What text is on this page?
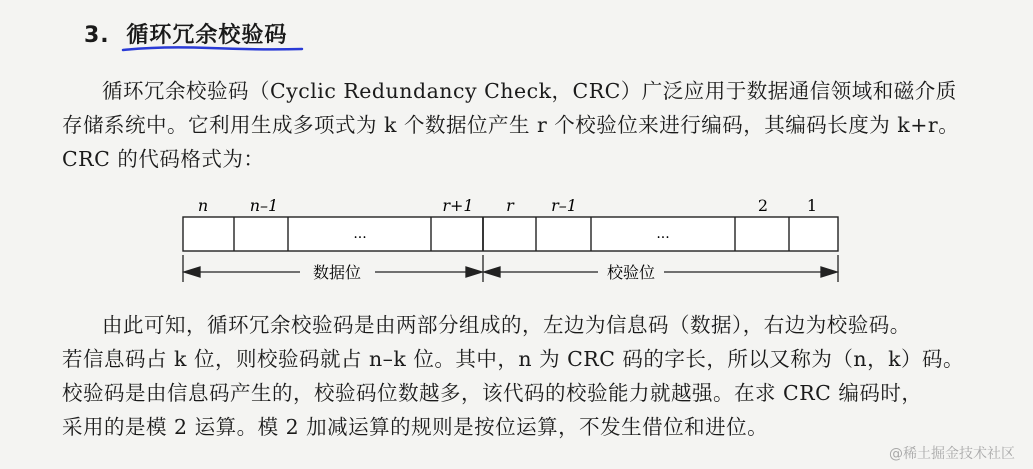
3. 循环冗余校验码

循环冗余校验码（Cyclic Redundancy Check，CRC）广泛应用于数据通信领域和磁介质
存储系统中。它利用生成多项式为 k 个数据位产生 r 个校验位来进行编码，其编码长度为 k+r。
CRC 的代码格式为：

n	n–1	r+1 r r–1	2 1
...	...
数据位	校验位

由此可知，循环冗余校验码是由两部分组成的，左边为信息码（数据），右边为校验码。
若信息码占 k 位，则校验码就占 n–k 位。其中，n 为 CRC 码的字长，所以又称为（n，k）码。
校验码是由信息码产生的，校验码位数越多，该代码的校验能力就越强。在求 CRC 编码时，
采用的是模 2 运算。模 2 加减运算的规则是按位运算，不发生借位和进位。

@稀土掘金技术社区
